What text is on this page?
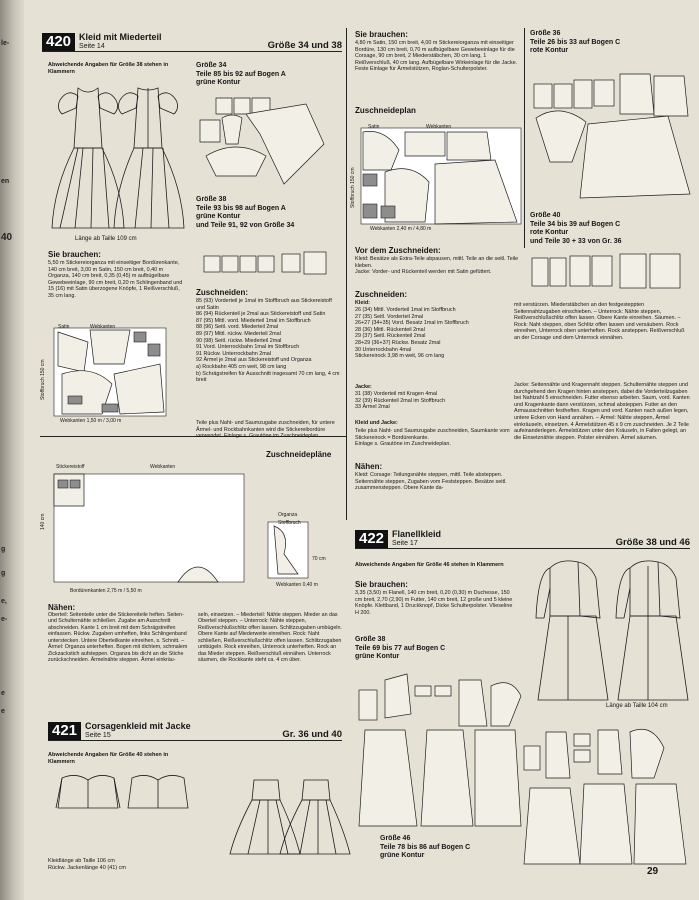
le-
en
40
g
g
e,
e-
e
e
420 Kleid mit Miederteil
Seite 14	Größe 34 und 38
Abweichende Angaben für Größe 38 stehen in Klammern
Länge ab Taille 109 cm
Sie brauchen:
5,50 m Stickereiorganza mit einseitiger Bordürenkante, 140 cm breit, 3,00 m Satin, 150 cm breit, 0,40 m Organza, 140 cm breit, 0,35 (0,45) m aufbügelbare Gewebeeinlage, 90 cm breit, 0,20 m Schlingenband und 15 (16) mit Satin überzogene Knöpfe, 1 Reißverschluß, 35 cm lang.
Satin	Webkanten
Stoffbruch 150 cm
Webkanten 1,50 m / 3,00 m
Größe 34
Teile 85 bis 92 auf Bogen A
grüne Kontur
Größe 38
Teile 93 bis 98 auf Bogen A
grüne Kontur
und Teile 91, 92 von Größe 34
Zuschneiden:
85 (93) Vorderteil je 1mal im Stoffbruch aus Stickereistoff und Satin
86 (94) Rückenteil je 2mal aus Stickereistoff und Satin
87 (95) Mittl. vord. Miederteil 1mal im Stoffbruch
88 (96) Seitl. vord. Miederteil 2mal
89 (97) Mittl. rückw. Miederteil 2mal
90 (98) Seitl. rückw. Miederteil 2mal
91 Vord. Unterrockbahn 1mal im Stoffbruch
91 Rückw. Unterrockbahn 2mal
92 Ärmel je 2mal aus Stickereistoff und Organza
a) Rockbahn 405 cm weit, 98 cm lang
b) Schrägstreifen für Ausschnitt insgesamt 70 cm lang, 4 cm breit
Teile plus Naht- und Saumzugabe zuschneiden, für untere Ärmel- und Rockbahnkanten wird die Stickereibordüre verwendet. Einlage s. Grautöne im Zuschneideplan.
Zuschneidepläne
Stickereistoff	Webkanten
Bordürenkanten 2,75 m / 5,50 m
140 cm	Organza
Stoffbruch
Webkanten 0,40 m
70 cm
Nähen:
Oberteil: Seitenteile unter die Stickereiteile heften. Seiten- und Schulternähte schließen. Zugabe am Ausschnitt abschneiden. Kante 1 cm breit mit dem Schrägstreifen einfassen. Rückw. Zugaben umheften, links Schlingenband unterstecken. Untere Oberteilkante einreihen, s. Schnitt. – Ärmel: Organza unterheften. Bogen mit dichtem, schmalem Zickzackstich aufsteppen. Organza bis dicht an die Stiche zurückschneiden. Ärmelnähte steppen. Ärmel einkräu-
seln, einsetzen. – Miederteil: Nähte steppen. Mieder an das Oberteil steppen. – Unterrock: Nähte steppen, Reißverschlußschlitz offen lassen. Schlitzzugaben umbügeln. Obere Kante auf Miederweite einreihen. Rock: Naht schließen, Reißverschlußschlitz offen lassen. Schlitzzugaben umbügeln. Rock einreihen, Unterrock unterheften. Rock an das Mieder steppen. Reißverschluß einnähen. Unterrock säumen, die Rockkante steht ca. 4 cm über.
421 Corsagenkleid mit Jacke
Seite 15	Gr. 36 und 40
Abweichende Angaben für Größe 40 stehen in Klammern
Kleidlänge ab Taille 106 cm
Rückw. Jackenlänge 40 (41) cm
Sie brauchen:
4,80 m Satin, 150 cm breit, 4,00 m Stickereiorganza mit einseitiger Bordüre, 130 cm breit, 0,70 m aufbügelbare Gewebeeinlage für die Corsage, 90 cm breit, 2 Miederstäbchen, 30 cm lang, 1 Reißverschluß, 40 cm lang. Aufbügelbare Wirkeinlage für die Jacke. Feste Einlage für Ärmelstützen, Roglan-Schulterpolster.
Zuschneideplan
Satin	Webkanten
Stoffbruch 150 cm
Webkanten 2,40 m / 4,80 m
Vor dem Zuschneiden:
Kleid: Besätze als Extra-Teile abpausen, mittl. Teile an die seitl. Teile kleben.
Jacke: Vorder- und Rückenteil werden mit Satin gefüttert.
Zuschneiden:
Kleid:
26 (34) Mittl. Vorderteil 1mal im Stoffbruch
27 (35) Seitl. Vorderteil 2mal
26+27 (34+35) Vord. Besatz 1mal im Stoffbruch
28 (36) Mittl. Rückenteil 2mal
29 (37) Seitl. Rückenteil 2mal
28+29 (36+37) Rückw. Besatz 2mal
30 Unterrockbahn 4mal
Stickereirock 3,98 m weit, 96 cm lang
Jacke:
31 (38) Vorderteil mit Kragen 4mal
32 (39) Rückenteil 2mal im Stoffbruch
33 Ärmel 2mal
Kleid und Jacke:
Teile plus Naht- und Saumzugabe zuschneiden, Saumkante vom Stickereirock = Bordürenkante.
Einlage s. Grautöne im Zuschneideplan.
Nähen:
Kleid: Corsage: Teilungsnähte steppen, mittl. Teile absteppen. Seitennähte steppen, Zugaben vom Feststeppen. Besätze seitl. zusammensteppen. Obere Kante da-
Größe 36
Teile 26 bis 33 auf Bogen C
rote Kontur
Größe 40
Teile 34 bis 39 auf Bogen C
rote Kontur
und Teile 30 + 33 von Gr. 36
mit verstürzen. Miederstäbchen an den festgesteppten Seitennahtzugaben einschieben. – Unterrock: Nähte steppen, Reißverschlußschlitz offen lassen. Obere Kante einreihen. Säumen. – Rock: Naht steppen, oben Schlitz offen lassen und versäubern. Rock einreihen, Unterrock oben unterheften. Rock ansteppen. Reißverschluß an der Corsage und dem Unterrock einnähen.
Jacke: Seitennähte und Kragennaht steppen. Schulternähte steppen und durchgehend den Kragen hinten ansteppen, dabei die Vorderteilzugaben bei Nahtzahl 5 einschneiden. Futter ebenso arbeiten. Saum, vord. Kanten und Kragenkante dann verstürzen, schmal absteppen. Futter an den Armausschnitten festheften. Kragen und vord. Kanten nach außen legen, untere Ecken von Hand annähen. – Ärmel: Nähte steppen, Ärmel einkräuseln, einsetzen. 4 Ärmelstützen 45 x 9 cm zuschneiden. Je 2 Teile aufeinanderlegen. Ärmelstützen unter den Kräuseln, in Falten gelegt, an die Einsetznähte steppen. Polster einnähen. Ärmel säumen.
422 Flanellkleid
Seite 17	Größe 38 und 46
Abweichende Angaben für Größe 46 stehen in Klammern
Sie brauchen:
3,35 (3,50) m Flanell, 140 cm breit, 0,20 (0,30) m Duchesse, 150 cm breit, 2,70 (2,90) m Futter, 140 cm breit, 12 große und 5 kleine Knöpfe. Klettband, 1 Druckknopf, Dicke Schulterpolster. Vlieseline H 200.
Größe 38
Teile 69 bis 77 auf Bogen C
grüne Kontur
Größe 46
Teile 78 bis 86 auf Bogen C
grüne Kontur
Länge ab Taille 104 cm
29
